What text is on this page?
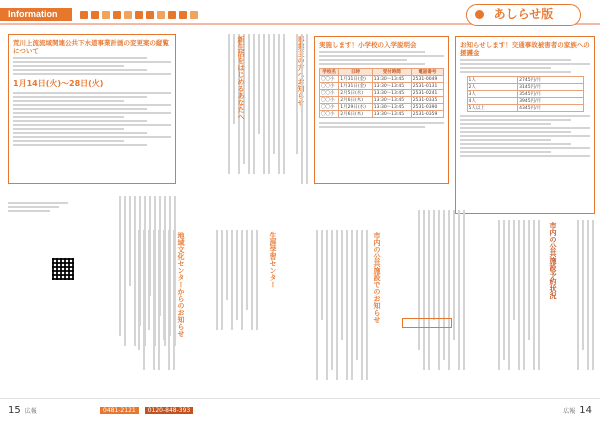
Information	あしらせ版
荒川上流流域関連公共下水道事業計画の変更案の縦覧について
1月14日(火)〜28日(火)	新生活をはじめるあなたへ	実施します！小学校の入学説明会
学校名	日時	受付時間	電話番号
〇〇小	1月31日(金)	13:30〜13:45	2531-0049
〇〇小	1月31日(金)	13:30〜13:45	2531-0131
〇〇小	2月5日(水)	13:30〜13:45	2531-0241
〇〇小	2月6日(木)	13:30〜13:45	2531-0335
〇〇小	1月29日(水)	13:30〜13:45	2531-0390
〇〇小	2月6日(木)	13:30〜13:45	2531-0359
お知らせします！交通事故被害者の家族への援護金
1人	2745円/月
2人	3145円/月
3人	3545円/月
4人	3945円/月
5人以上	4345円/月
地域文化センターからのお知らせ	生涯学習センター	市内の公共施設でのお知らせ	市内の公共施設予約状況
15 広報	0481-2121	0120-848-393	広報 14
